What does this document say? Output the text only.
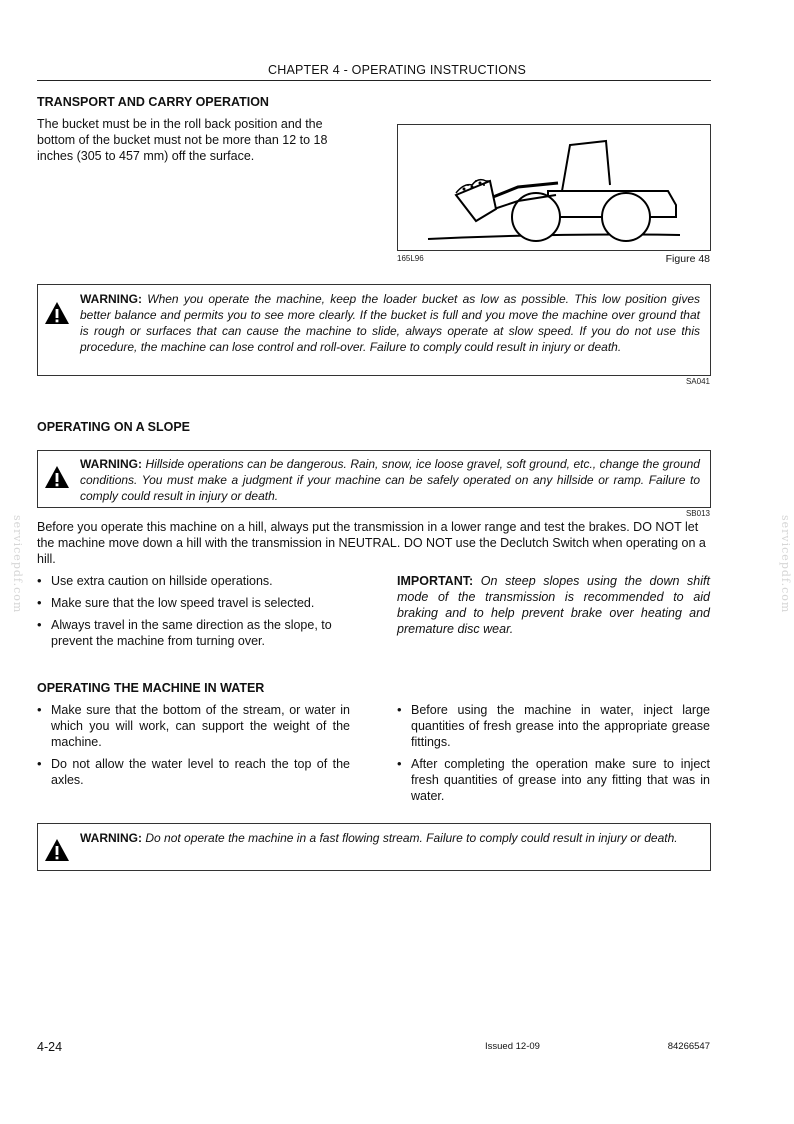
CHAPTER 4 - OPERATING INSTRUCTIONS
TRANSPORT AND CARRY OPERATION
The bucket must be in the roll back position and the bottom of the bucket must not be more than 12 to 18 inches (305 to 457 mm) off the surface.
165L96	Figure 48
WARNING: When you operate the machine, keep the loader bucket as low as possible. This low position gives better balance and permits you to see more clearly. If the bucket is full and you move the machine over ground that is rough or surfaces that can cause the machine to slide, always operate at slow speed. If you do not use this procedure, the machine can lose control and roll-over. Failure to comply could result in injury or death.
SA041
OPERATING ON A SLOPE
WARNING: Hillside operations can be dangerous. Rain, snow, ice loose gravel, soft ground, etc., change the ground conditions. You must make a judgment if your machine can be safely operated on any hillside or ramp. Failure to comply could result in injury or death.
SB013
Before you operate this machine on a hill, always put the transmission in a lower range and test the brakes. DO NOT let the machine move down a hill with the transmission in NEUTRAL. DO NOT use the Declutch Switch when operating on a hill.
• Use extra caution on hillside operations.
• Make sure that the low speed travel is selected.
• Always travel in the same direction as the slope, to prevent the machine from turning over.
IMPORTANT: On steep slopes using the down shift mode of the transmission is recommended to aid braking and to help prevent brake over heating and premature disc wear.
OPERATING THE MACHINE IN WATER
• Make sure that the bottom of the stream, or water in which you will work, can support the weight of the machine.
• Do not allow the water level to reach the top of the axles.
• Before using the machine in water, inject large quantities of fresh grease into the appropriate grease fittings.
• After completing the operation make sure to inject fresh quantities of grease into any fitting that was in water.
WARNING: Do not operate the machine in a fast flowing stream. Failure to comply could result in injury or death.
servicepdf.com	servicepdf.com
4-24	Issued 12-09	84266547
